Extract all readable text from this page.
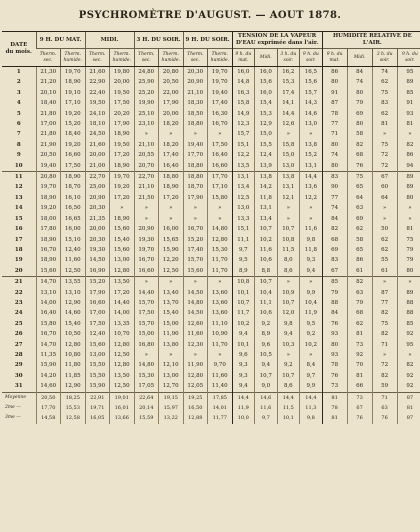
PSYCHROMÈTRE D'AUGUST. — AOUT 1878.
DATE
du mois.	9 H. DU MAT.		MIDI.		3 H. DU SOIR.		9 H. DU SOIR.		TENSION DE LA VAPEUR D'EAU exprimée dans l'air.				HUMIDITÉ RELATIVE DE L'AIR.			
	Therm. sec.	Therm. humide.	Therm. sec.	Therm. humide.	Therm. sec.	Therm. humide.	Therm. sec.	Therm. humide.	9 h. du mat.	Midi.	3 h. du soir.	9 h. du soir.	9 h. du mat.	Midi.	3 h. du soir.	9 h. du soir.
1	21,30	19,70	21,60	19,80	24,80	20,80	20,30	19,70	16,0	16,0	16,2	16,5	86	84	74	95
2	21,20	18,90	22,90	20,00	25,90	20,50	20,90	19,70	14,8	15,6	15,3	15,6	80	74	62	89
3	20,10	19,10	22,40	19,50	25,20	22,00	21,10	19,40	16,3	16,0	17,4	15,7	91	80	75	85
4	18,40	17,10	19,50	17,50	19,90	17,90	18,30	17,40	15,8	15,4	14,1	14,3	87	79	83	91
5	21,80	19,20	24,10	20,20	25,10	20,00	18,50	16,30	14,9	15,3	14,4	14,6	78	69	62	93
6	17,00	15,20	18,10	17,90	23,10	18,20	18,80	16,70	12,3	12,9	12,6	13,0	77	80	81	81
7	21,80	18,40	24,50	18,90	»	»	»	»	15,7	15,0	»	»	71	58	»	»
8	21,90	19,20	21,60	19,50	21,10	18,20	19,40	17,50	15,1	15,5	15,8	13,8	80	82	75	82
9	20,50	16,60	20,00	17,20	20,55	17,40	17,70	16,40	12,2	12,4	15,0	15,2	74	68	72	86
10	19,40	17,50	21,00	18,90	20,70	16,40	18,80	16,60	13,5	13,9	13,0	13,1	80	76	72	94
11	20,80	18,90	22,70	19,70	22,70	18,80	18,80	17,70	13,1	13,8	13,8	14,4	83	75	67	89
12	19,70	18,70	25,00	19,20	21,10	18,90	18,70	17,10	13,4	14,2	13,1	13,6	90	65	60	89
13	18,90	16,10	20,90	17,20	21,50	17,20	17,90	15,80	12,5	11,8	12,1	12,2	77	64	64	80
14	19,20	16,50	20,30	»	»	»	»	»	13,0	13,1	»	»	74	63	»	»
15	18,00	16,65	21,35	18,90	»	»	»	»	13,3	13,4	»	»	84	69	»	»
16	17,80	16,00	20,00	15,60	20,90	16,00	16,70	14,80	15,1	10,7	10,7	11,6	82	62	50	81
17	18,90	15,10	20,30	15,40	19,30	15,65	15,20	12,80	11,1	10,2	10,8	9,8	68	58	62	75
18	16,70	12,40	19,30	15,60	19,70	15,90	17,40	15,30	9,7	11,6	11,5	11,8	69	65	62	79
19	18,90	11,60	14,50	13,00	16,70	12,20	15,70	11,70	9,5	10,6	8,0	9,3	83	86	55	79
20	15,60	12,50	16,90	12,80	16,60	12,50	15,60	11,70	8,9	8,8	8,6	9,4	67	61	61	80
21	14,70	13,55	15,20	13,50	»	»	»	»	10,8	10,7	»	»	85	82	»	»
22	13,10	13,10	17,90	17,20	14,40	13,40	14,50	13,60	10,1	10,4	10,9	9,9	79	63	87	89
23	14,00	12,90	16,60	14,40	15,70	13,70	14,80	13,60	10,7	11,1	10,7	10,4	88	79	77	88
24	16,40	14,60	17,00	14,00	17,50	15,40	14,50	13,60	11,7	10,6	12,0	11,9	84	68	82	88
25	15,80	15,40	17,50	13,35	15,70	15,00	12,60	11,10	10,2	9,2	9,8	9,5	76	62	75	85
26	16,70	10,50	12,40	10,70	15,00	11,90	11,60	10,90	9,4	8,9	9,4	9,2	93	81	82	92
27	14,70	12,80	15,60	12,80	16,80	13,80	12,30	11,70	10,1	9,6	10,3	10,2	80	73	71	95
28	11,35	10,80	13,00	12,50	»	»	»	»	9,6	10,5	»	»	93	92	»	»
29	15,90	11,80	15,50	12,80	14,80	12,10	11,90	9,70	9,3	9,4	9,2	8,4	78	70	72	82
30	14,20	11,85	15,50	13,50	15,30	13,00	12,80	11,60	9,3	10,7	10,7	9,7	76	81	82	92
31	14,60	12,90	15,90	12,50	17,05	12,70	12,05	11,40	9,4	9,0	8,6	9,9	73	66	59	92
Moyenne	20,50	18,25	22,91	19,01	22,64	19,15	19,25	17,85	14,4	14,6	14,4	14,4	81	73	71	87
2me —	17,70	15,53	19,71	16,01	20,14	15,97	16,50	14,01	11,9	11,6	11,5	11,3	78	67	63	81
3me —	14,58	12,58	16,05	13,66	15,59	13,22	12,88	11,77	10,0	9,7	10,1	9,8	81	76	76	87
